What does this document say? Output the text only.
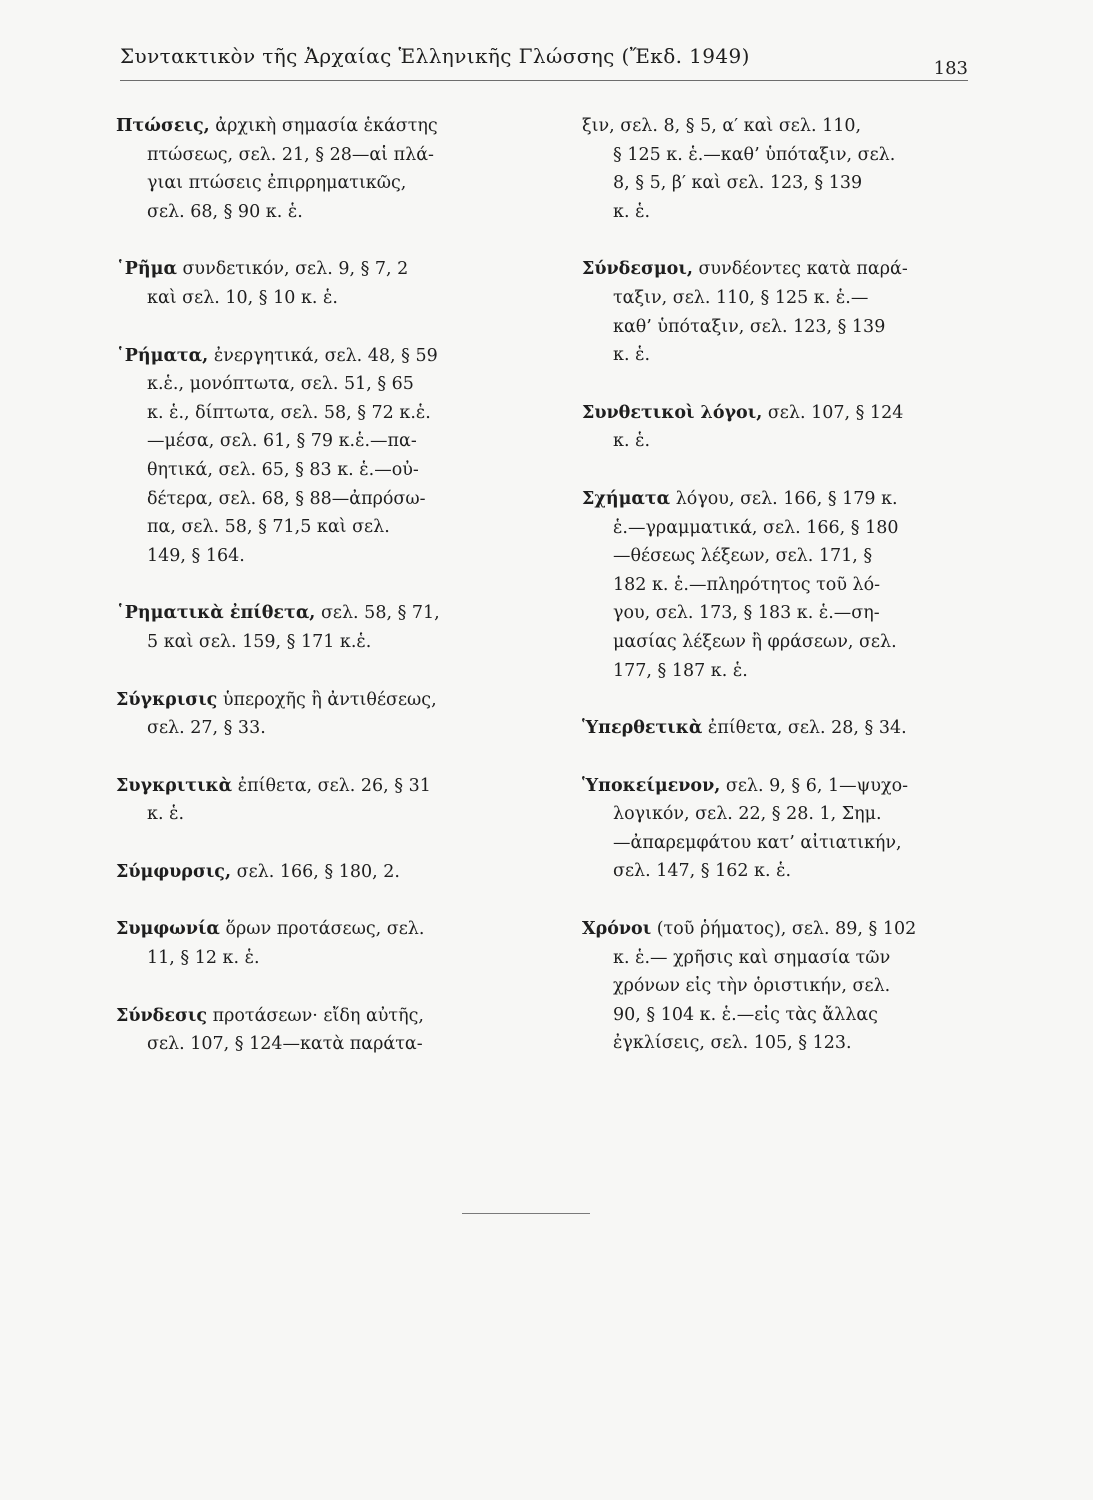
Συντακτικὸν τῆς Ἀρχαίας Ἑλληνικῆς Γλώσσης (Ἔκδ. 1949)
183
Πτώσεις, ἀρχικὴ σημασία ἑκάστης
πτώσεως, σελ. 21, § 28—αἱ πλά-
γιαι πτώσεις ἐπιρρηματικῶς,
σελ. 68, § 90 κ. ἑ.
῾Ρῆμα συνδετικόν, σελ. 9, § 7, 2
καὶ σελ. 10, § 10 κ. ἑ.
῾Ρήματα, ἐνεργητικά, σελ. 48, § 59
κ.ἑ., μονόπτωτα, σελ. 51, § 65
κ. ἑ., δίπτωτα, σελ. 58, § 72 κ.ἑ.
—μέσα, σελ. 61, § 79 κ.ἑ.—πα-
θητικά, σελ. 65, § 83 κ. ἑ.—οὐ-
δέτερα, σελ. 68, § 88—ἀπρόσω-
πα, σελ. 58, § 71,5 καὶ σελ.
149, § 164.
῾Ρηματικὰ ἐπίθετα, σελ. 58, § 71,
5 καὶ σελ. 159, § 171 κ.ἑ.
Σύγκρισις ὑπεροχῆς ἢ ἀντιθέσεως,
σελ. 27, § 33.
Συγκριτικὰ ἐπίθετα, σελ. 26, § 31
κ. ἑ.
Σύμφυρσις, σελ. 166, § 180, 2.
Συμφωνία ὅρων προτάσεως, σελ.
11, § 12 κ. ἑ.
Σύνδεσις προτάσεων· εἴδη αὐτῆς,
σελ. 107, § 124—κατὰ παράτα-
ξιν, σελ. 8, § 5, α′ καὶ σελ. 110,
§ 125 κ. ἑ.—καθ’ ὑπόταξιν, σελ.
8, § 5, β′ καὶ σελ. 123, § 139
κ. ἑ.
Σύνδεσμοι, συνδέοντες κατὰ παρά-
ταξιν, σελ. 110, § 125 κ. ἑ.—
καθ’ ὑπόταξιν, σελ. 123, § 139
κ. ἑ.
Συνθετικοὶ λόγοι, σελ. 107, § 124
κ. ἑ.
Σχήματα λόγου, σελ. 166, § 179 κ.
ἑ.—γραμματικά, σελ. 166, § 180
—θέσεως λέξεων, σελ. 171, §
182 κ. ἑ.—πληρότητος τοῦ λό-
γου, σελ. 173, § 183 κ. ἑ.—ση-
μασίας λέξεων ἢ φράσεων, σελ.
177, § 187 κ. ἑ.
Ὑπερθετικὰ ἐπίθετα, σελ. 28, § 34.
Ὑποκείμενον, σελ. 9, § 6, 1—ψυχο-
λογικόν, σελ. 22, § 28. 1, Σημ.
—ἀπαρεμφάτου κατ’ αἰτιατικήν,
σελ. 147, § 162 κ. ἑ.
Χρόνοι (τοῦ ῥήματος), σελ. 89, § 102
κ. ἑ.— χρῆσις καὶ σημασία τῶν
χρόνων εἰς τὴν ὁριστικήν, σελ.
90, § 104 κ. ἑ.—εἰς τὰς ἄλλας
ἐγκλίσεις, σελ. 105, § 123.
